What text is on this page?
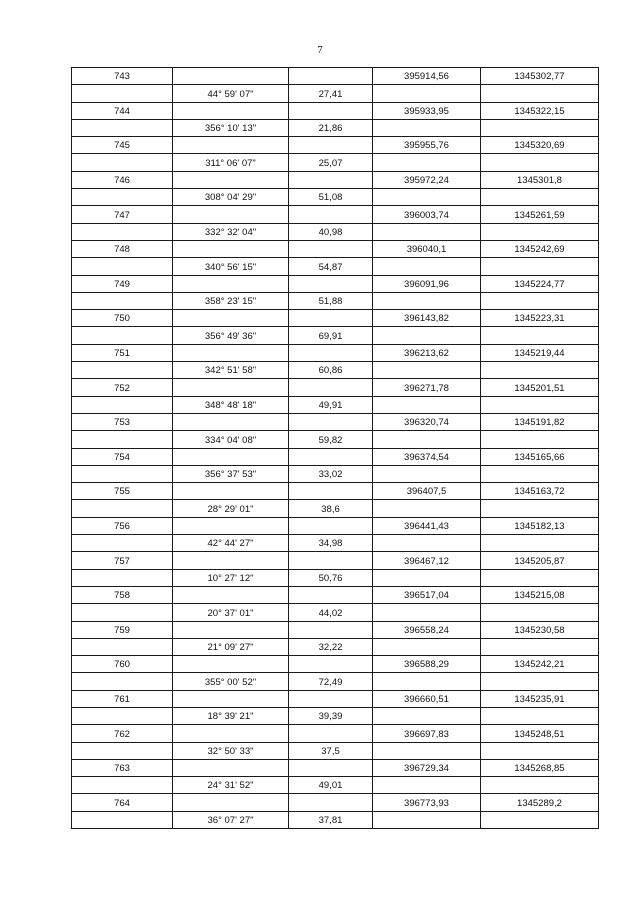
7
743			395914,56	1345302,77
	44° 59' 07"	27,41		
744			395933,95	1345322,15
	356° 10' 13"	21,86		
745			395955,76	1345320,69
	311° 06' 07"	25,07		
746			395972,24	1345301,8
	308° 04' 29"	51,08		
747			396003,74	1345261,59
	332° 32' 04"	40,98		
748			396040,1	1345242,69
	340° 56' 15"	54,87		
749			396091,96	1345224,77
	358° 23' 15"	51,88		
750			396143,82	1345223,31
	356° 49' 36"	69,91		
751			396213,62	1345219,44
	342° 51' 58"	60,86		
752			396271,78	1345201,51
	348° 48' 18"	49,91		
753			396320,74	1345191,82
	334° 04' 08"	59,82		
754			396374,54	1345165,66
	356° 37' 53"	33,02		
755			396407,5	1345163,72
	28° 29' 01"	38,6		
756			396441,43	1345182,13
	42° 44' 27"	34,98		
757			396467,12	1345205,87
	10° 27' 12"	50,76		
758			396517,04	1345215,08
	20° 37' 01"	44,02		
759			396558,24	1345230,58
	21° 09' 27"	32,22		
760			396588,29	1345242,21
	355° 00' 52"	72,49		
761			396660,51	1345235,91
	18° 39' 21"	39,39		
762			396697,83	1345248,51
	32° 50' 33"	37,5		
763			396729,34	1345268,85
	24° 31' 52"	49,01		
764			396773,93	1345289,2
	36° 07' 27"	37,81		
